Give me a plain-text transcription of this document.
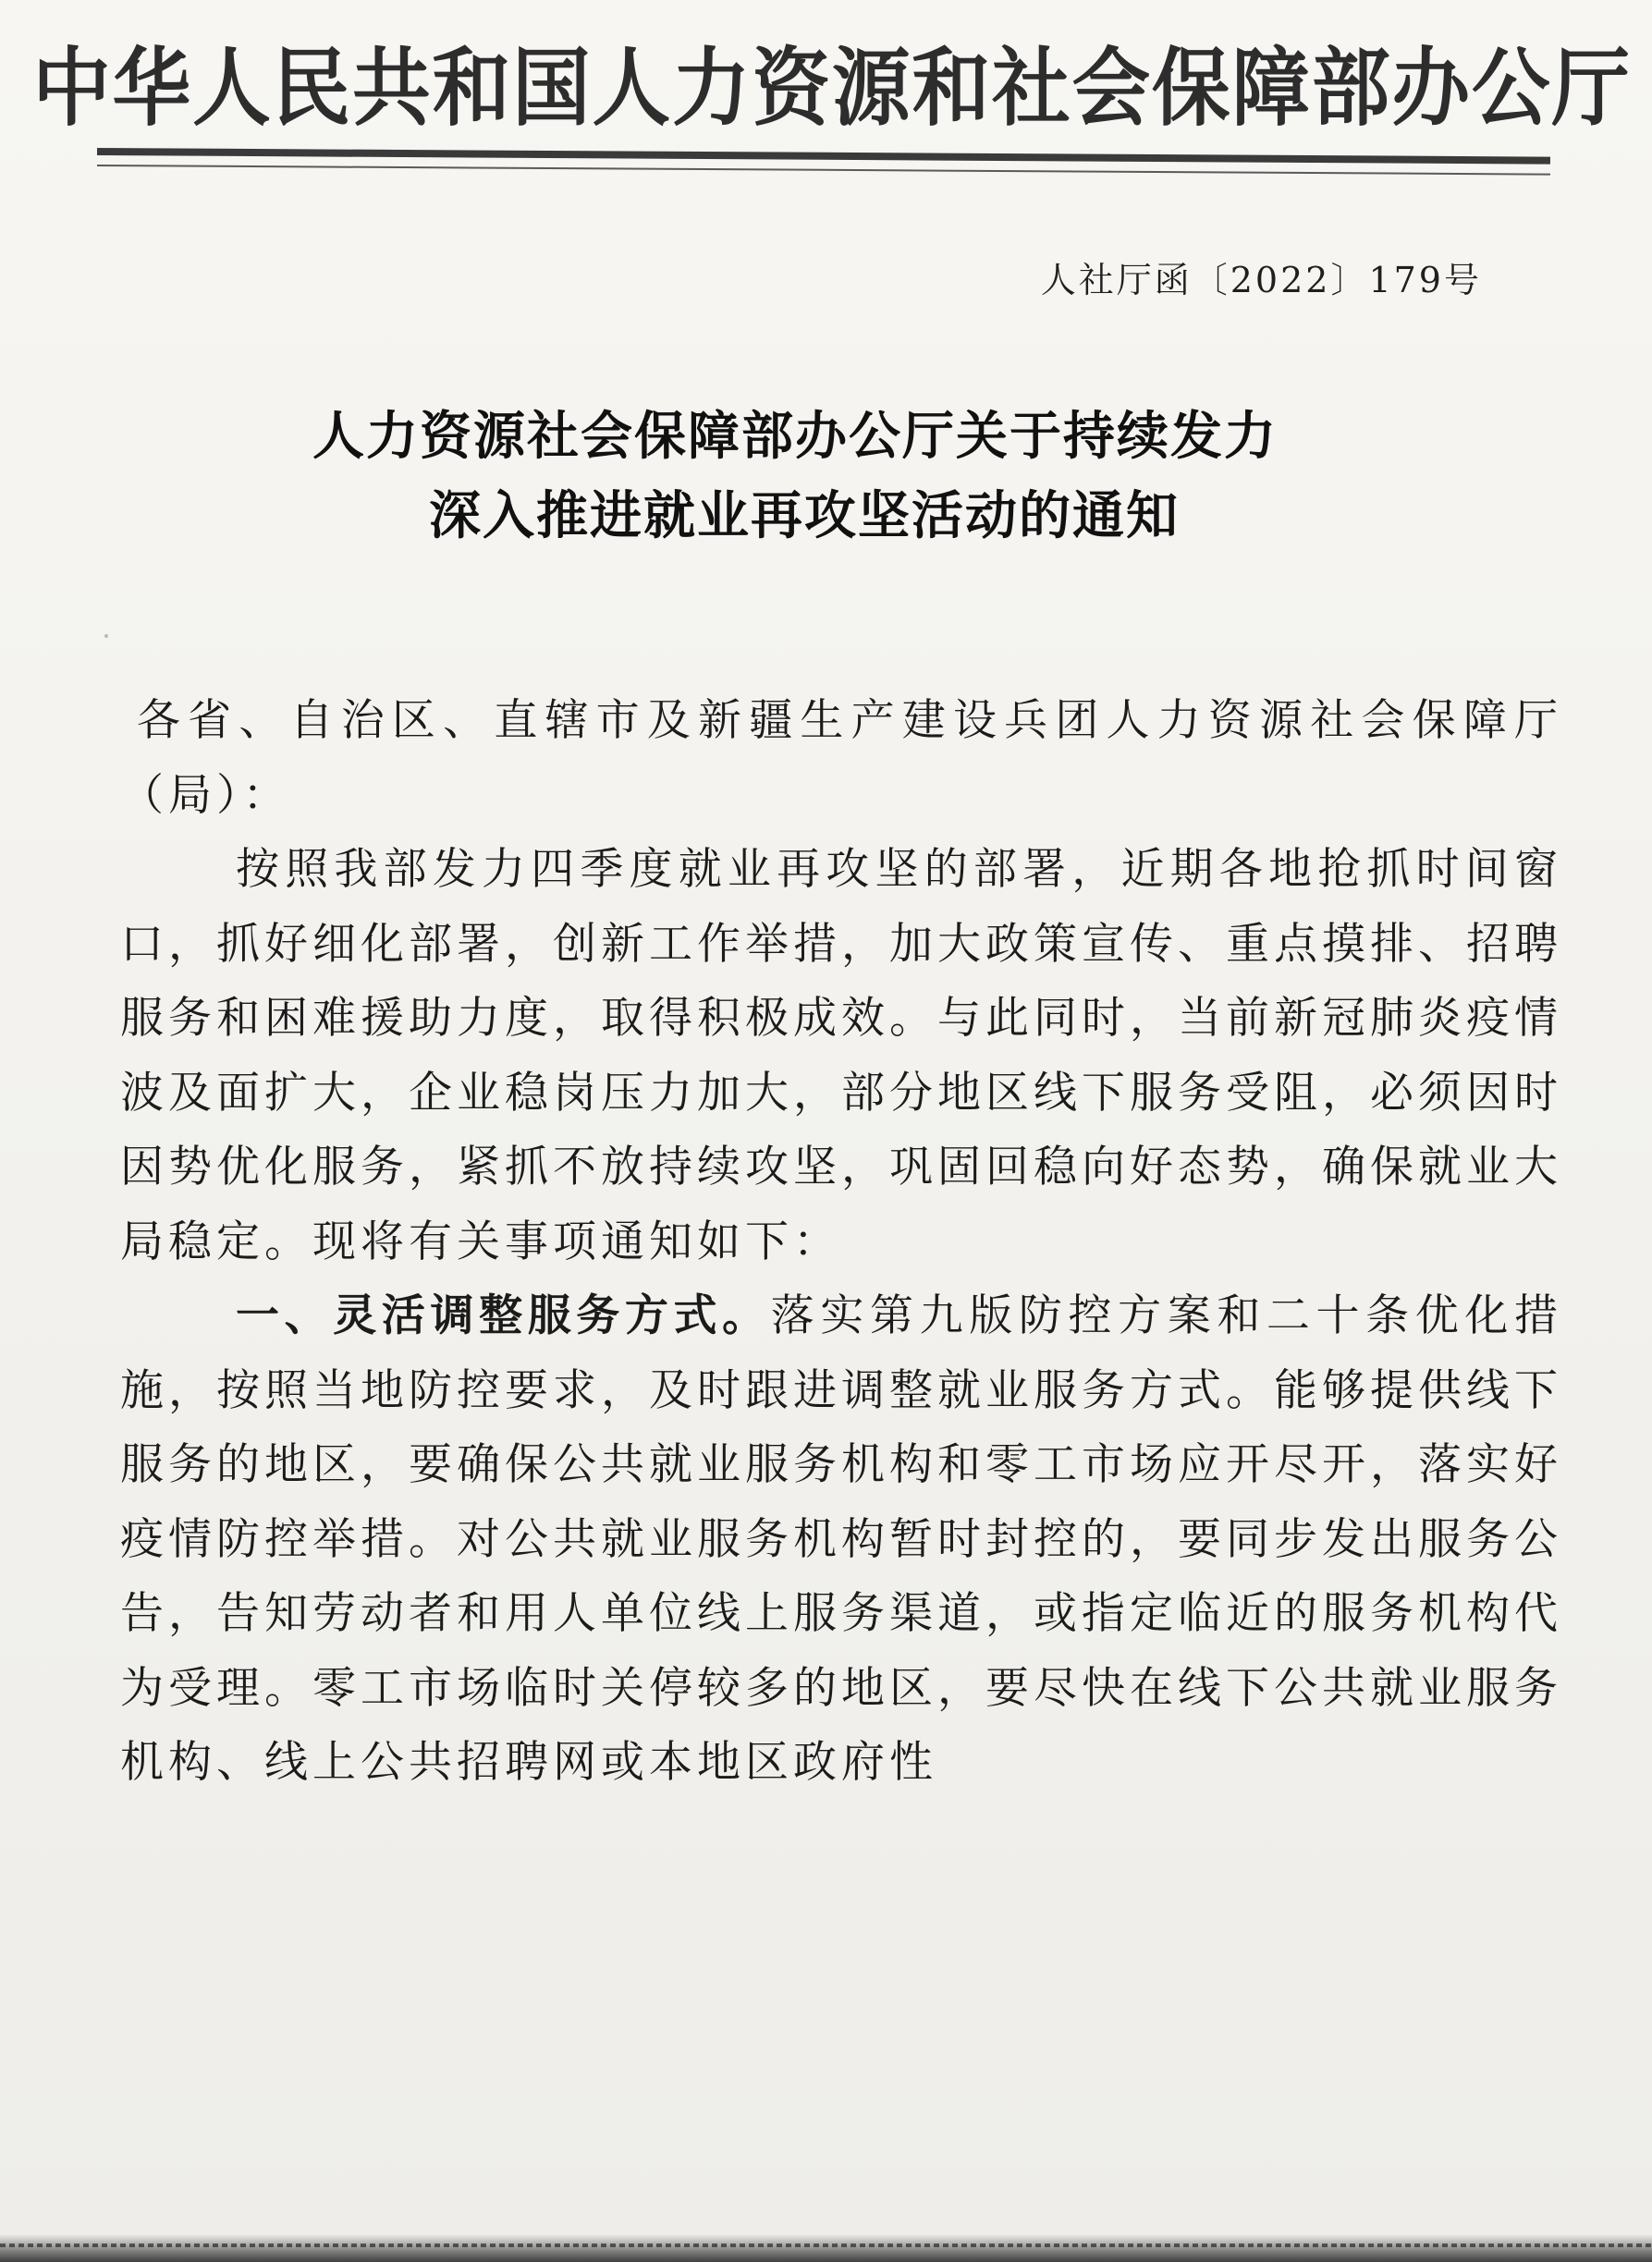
中华人民共和国人力资源和社会保障部办公厅
人社厅函〔2022〕179号
人力资源社会保障部办公厅关于持续发力
深入推进就业再攻坚活动的通知

各省、自治区、直辖市及新疆生产建设兵团人力资源社会保障厅（局）：

按照我部发力四季度就业再攻坚的部署，近期各地抢抓时间窗口，抓好细化部署，创新工作举措，加大政策宣传、重点摸排、招聘服务和困难援助力度，取得积极成效。与此同时，当前新冠肺炎疫情波及面扩大，企业稳岗压力加大，部分地区线下服务受阻，必须因时因势优化服务，紧抓不放持续攻坚，巩固回稳向好态势，确保就业大局稳定。现将有关事项通知如下：

一、灵活调整服务方式。落实第九版防控方案和二十条优化措施，按照当地防控要求，及时跟进调整就业服务方式。能够提供线下服务的地区，要确保公共就业服务机构和零工市场应开尽开，落实好疫情防控举措。对公共就业服务机构暂时封控的，要同步发出服务公告，告知劳动者和用人单位线上服务渠道，或指定临近的服务机构代为受理。零工市场临时关停较多的地区，要尽快在线下公共就业服务机构、线上公共招聘网或本地区政府性
